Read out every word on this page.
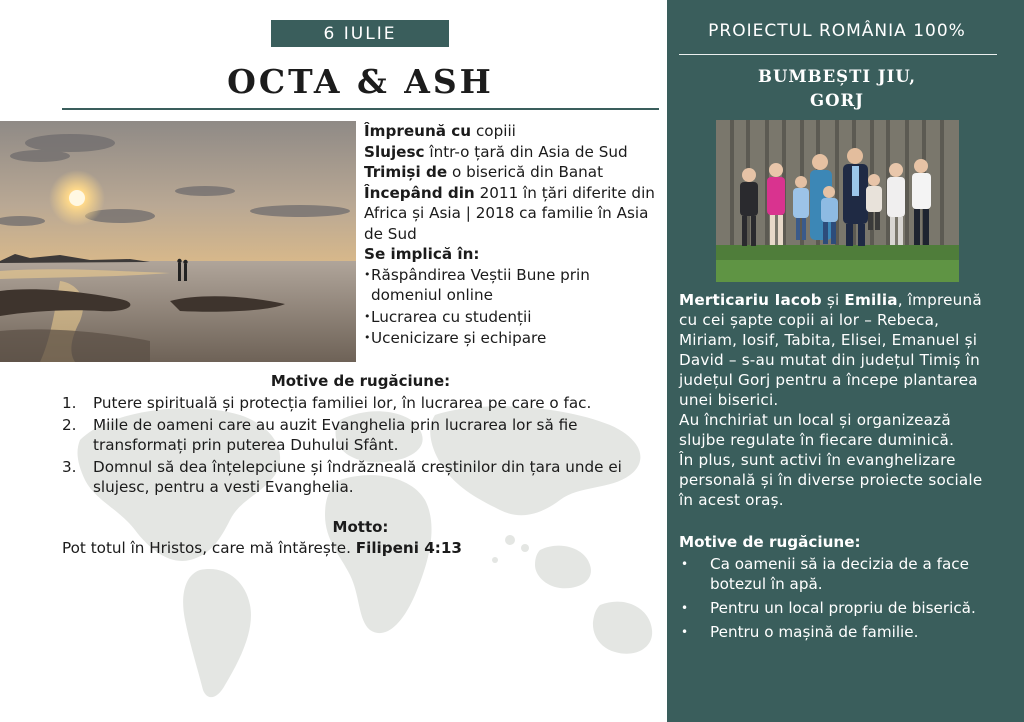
6 IULIE
OCTA & ASH

Împreună cu copiii

Slujesc într-o țară din Asia de Sud

Trimiși de o biserică din Banat

Începând din 2011 în țări diferite din Africa și Asia | 2018 ca familie în Asia de Sud

Se implică în:

• Răspândirea Veștii Bune prin domeniul online
• Lucrarea cu studenții
• Ucenicizare și echipare
Motive de rugăciune:
1. Putere spirituală și protecția familiei lor, în lucrarea pe care o fac.
2. Miile de oameni care au auzit Evanghelia prin lucrarea lor să fie transformați prin puterea Duhului Sfânt.
3. Domnul să dea înțelepciune și îndrăzneală creștinilor din țara unde ei slujesc, pentru a vesti Evanghelia.
Motto:

Pot totul în Hristos, care mă întărește. Filipeni 4:13

PROIECTUL ROMÂNIA 100%
BUMBEȘTI JIU,
GORJ

Merticariu Iacob și Emilia, împreună cu cei șapte copii ai lor – Rebeca, Miriam, Iosif, Tabita, Elisei, Emanuel și David – s-au mutat din județul Timiș în județul Gorj pentru a începe plantarea unei biserici.

Au închiriat un local și organizează slujbe regulate în fiecare duminică.

În plus, sunt activi în evanghelizare personală și în diverse proiecte sociale în acest oraș.

Motive de rugăciune:
• Ca oamenii să ia decizia de a face botezul în apă.
• Pentru un local propriu de biserică.
• Pentru o mașină de familie.
